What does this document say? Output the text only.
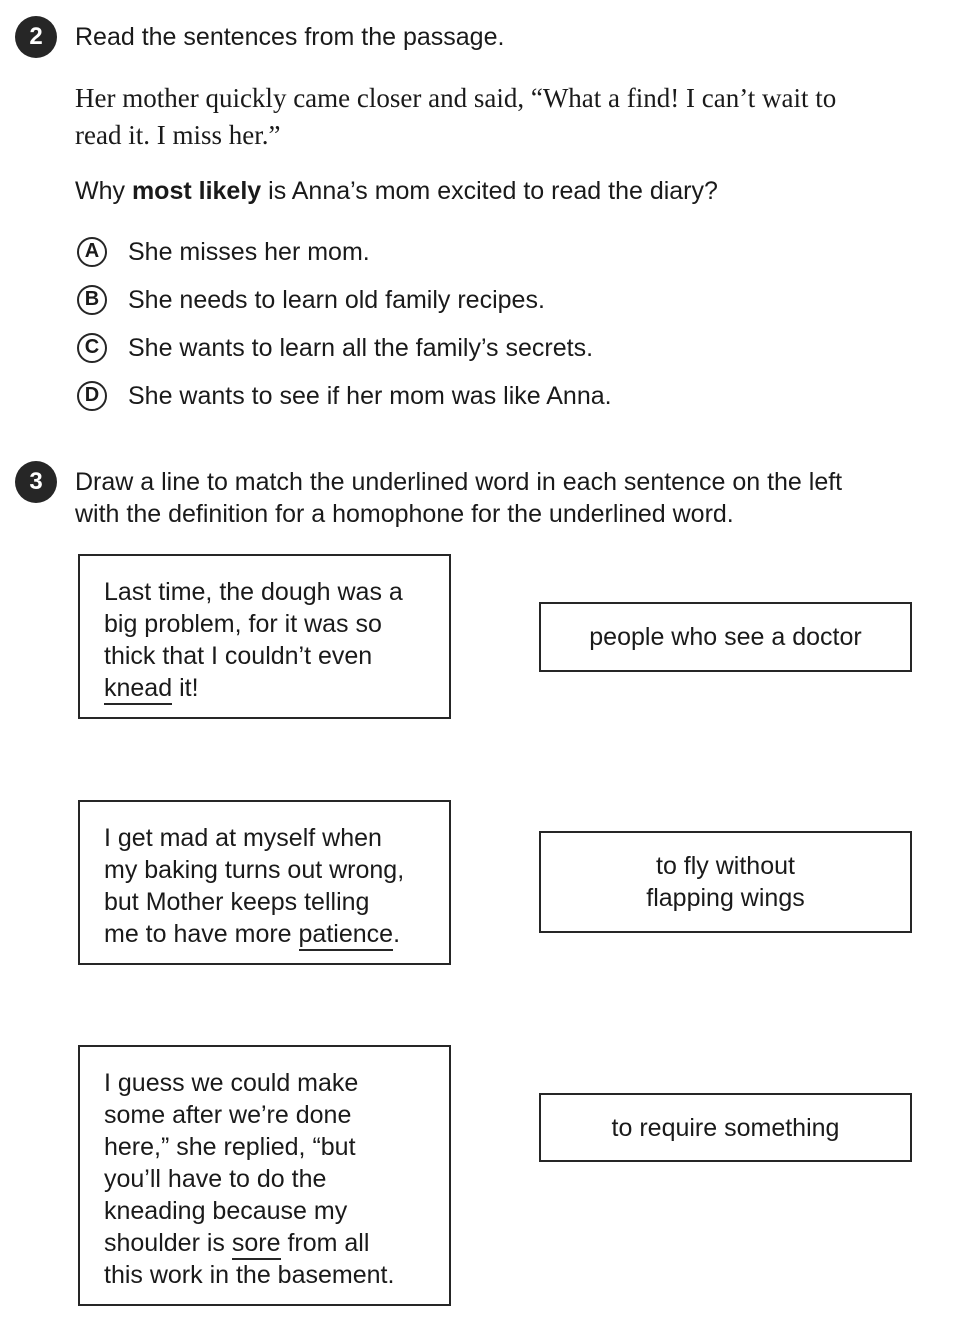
2	Read the sentences from the passage.

Her mother quickly came closer and said, “What a find! I can’t wait to
read it. I miss her.”

Why most likely is Anna’s mom excited to read the diary?

A	She misses her mom.
B	She needs to learn old family recipes.
C	She wants to learn all the family’s secrets.
D	She wants to see if her mom was like Anna.
3	Draw a line to match the underlined word in each sentence on the left
with the definition for a homophone for the underlined word.

Last time, the dough was a

big problem, for it was so

thick that I couldn’t even

knead it!

I get mad at myself when

my baking turns out wrong,

but Mother keeps telling

me to have more patience.

I guess we could make

some after we’re done

here,” she replied, “but

you’ll have to do the

kneading because my

shoulder is sore from all

this work in the basement.

people who see a doctor
to fly without
flapping wings
to require something
